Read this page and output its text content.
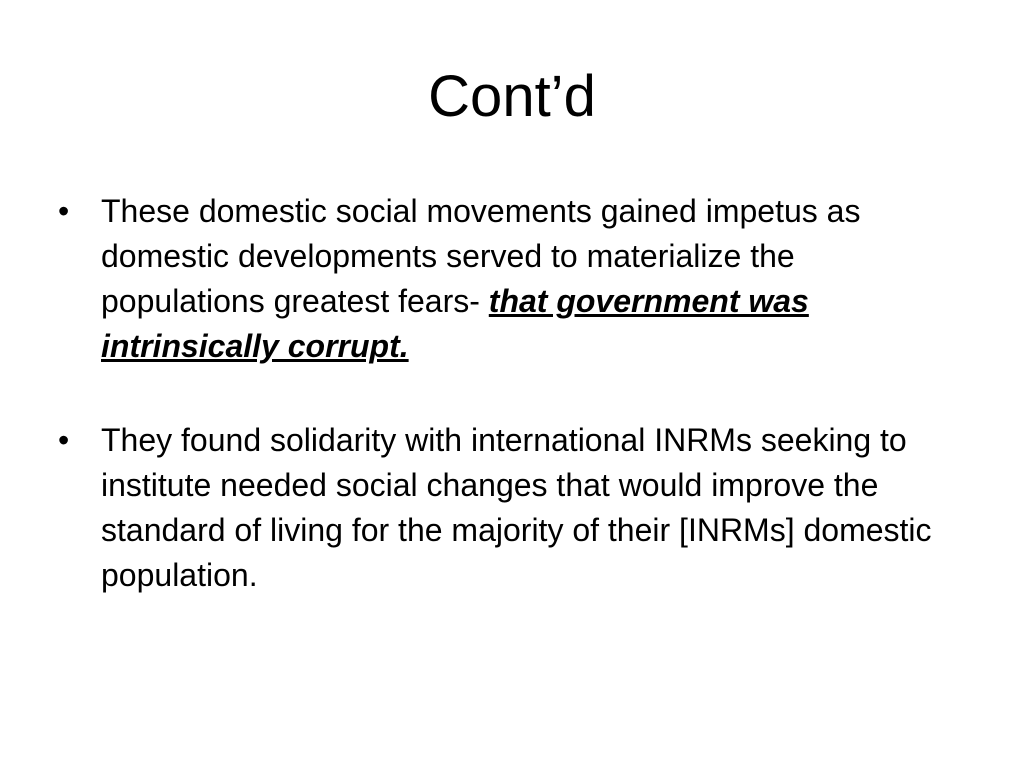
Cont’d
• These domestic social movements gained impetus as domestic developments served to materialize the populations greatest fears- that government was intrinsically corrupt.
• They found solidarity with international INRMs seeking to institute needed social changes that would improve the standard of living for the majority of their [INRMs] domestic population.
